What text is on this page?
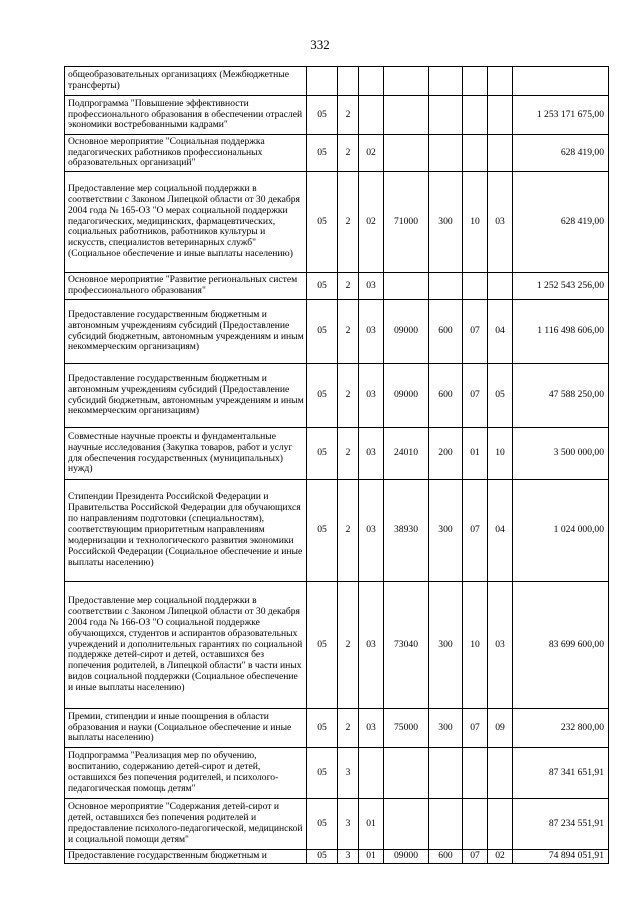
332
общеобразовательных организациях (Межбюджетные трансферты)								
Подпрограмма "Повышение эффективности профессионального образования в обеспечении отраслей экономики востребованными кадрами"	05	2						1 253 171 675,00
Основное мероприятие "Социальная поддержка педагогических работников профессиональных образовательных организаций"	05	2	02					628 419,00
Предоставление мер социальной поддержки в соответствии с Законом Липецкой области от 30 декабря 2004 года № 165-ОЗ "О мерах социальной поддержки педагогических, медицинских, фармацевтических, социальных работников, работников культуры и искусств, специалистов ветеринарных служб" (Социальное обеспечение и иные выплаты населению)	05	2	02	71000	300	10	03	628 419,00
Основное мероприятие "Развитие региональных систем профессионального образования"	05	2	03					1 252 543 256,00
Предоставление государственным бюджетным и автономным учреждениям субсидий (Предоставление субсидий бюджетным, автономным учреждениям и иным некоммерческим организациям)	05	2	03	09000	600	07	04	1 116 498 606,00
Предоставление государственным бюджетным и автономным учреждениям субсидий (Предоставление субсидий бюджетным, автономным учреждениям и иным некоммерческим организациям)	05	2	03	09000	600	07	05	47 588 250,00
Совместные научные проекты и фундаментальные научные исследования (Закупка товаров, работ и услуг для обеспечения государственных (муниципальных) нужд)	05	2	03	24010	200	01	10	3 500 000,00
Стипендии Президента Российской Федерации и Правительства Российской Федерации для обучающихся по направлениям подготовки (специальностям), соответствующим приоритетным направлениям модернизации и технологического развития экономики Российской Федерации (Социальное обеспечение и иные выплаты населению)	05	2	03	38930	300	07	04	1 024 000,00
Предоставление мер социальной поддержки в соответствии с Законом Липецкой области от 30 декабря 2004 года № 166-ОЗ "О социальной поддержке обучающихся, студентов и аспирантов образовательных учреждений и дополнительных гарантиях по социальной поддержке детей-сирот и детей, оставшихся без попечения родителей, в Липецкой области" в части иных видов социальной поддержки (Социальное обеспечение и иные выплаты населению)	05	2	03	73040	300	10	03	83 699 600,00
Премии, стипендии и иные поощрения в области образования и науки (Социальное обеспечение и иные выплаты населению)	05	2	03	75000	300	07	09	232 800,00
Подпрограмма "Реализация мер по обучению, воспитанию, содержанию детей-сирот и детей, оставшихся без попечения родителей, и психолого-педагогическая помощь детям"	05	3						87 341 651,91
Основное мероприятие "Содержания детей-сирот и детей, оставшихся без попечения родителей и предоставление психолого-педагогической, медицинской и социальной помощи детям"	05	3	01					87 234 551,91
Предоставление государственным бюджетным и	05	3	01	09000	600	07	02	74 894 051,91
